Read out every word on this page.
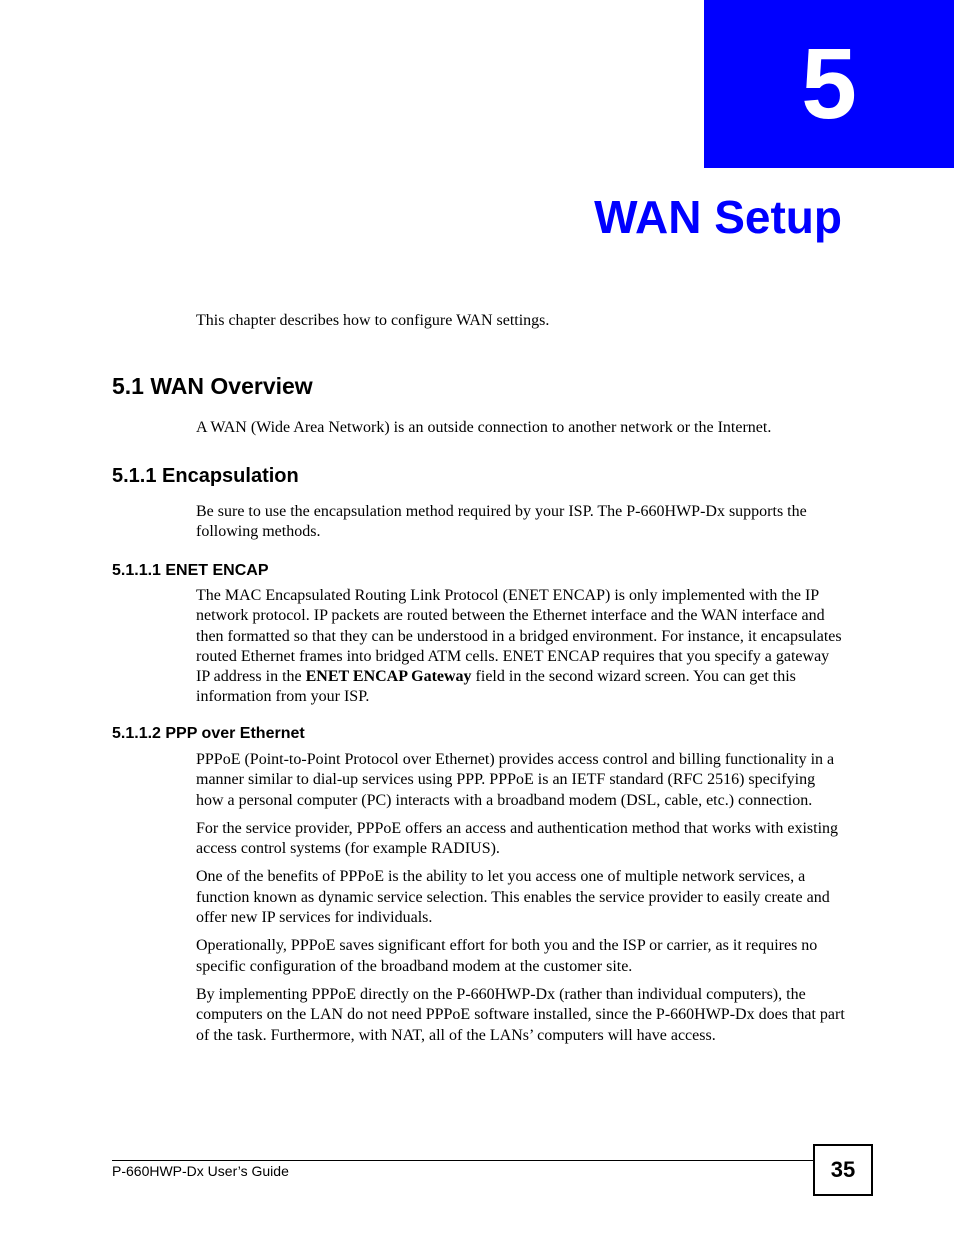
5
WAN Setup

This chapter describes how to configure WAN settings.

5.1 WAN Overview

A WAN (Wide Area Network) is an outside connection to another network or the Internet.

5.1.1 Encapsulation

Be sure to use the encapsulation method required by your ISP. The P-660HWP-Dx supports the following methods.

5.1.1.1 ENET ENCAP

The MAC Encapsulated Routing Link Protocol (ENET ENCAP) is only implemented with the IP network protocol. IP packets are routed between the Ethernet interface and the WAN interface and then formatted so that they can be understood in a bridged environment. For instance, it encapsulates routed Ethernet frames into bridged ATM cells. ENET ENCAP requires that you specify a gateway IP address in the ENET ENCAP Gateway field in the second wizard screen. You can get this information from your ISP.

5.1.1.2 PPP over Ethernet

PPPoE (Point-to-Point Protocol over Ethernet) provides access control and billing functionality in a manner similar to dial-up services using PPP. PPPoE is an IETF standard (RFC 2516) specifying how a personal computer (PC) interacts with a broadband modem (DSL, cable, etc.) connection.

For the service provider, PPPoE offers an access and authentication method that works with existing access control systems (for example RADIUS).

One of the benefits of PPPoE is the ability to let you access one of multiple network services, a function known as dynamic service selection. This enables the service provider to easily create and offer new IP services for individuals.

Operationally, PPPoE saves significant effort for both you and the ISP or carrier, as it requires no specific configuration of the broadband modem at the customer site.

By implementing PPPoE directly on the P-660HWP-Dx (rather than individual computers), the computers on the LAN do not need PPPoE software installed, since the P-660HWP-Dx does that part of the task. Furthermore, with NAT, all of the LANs’ computers will have access.

P-660HWP-Dx User’s Guide	35
